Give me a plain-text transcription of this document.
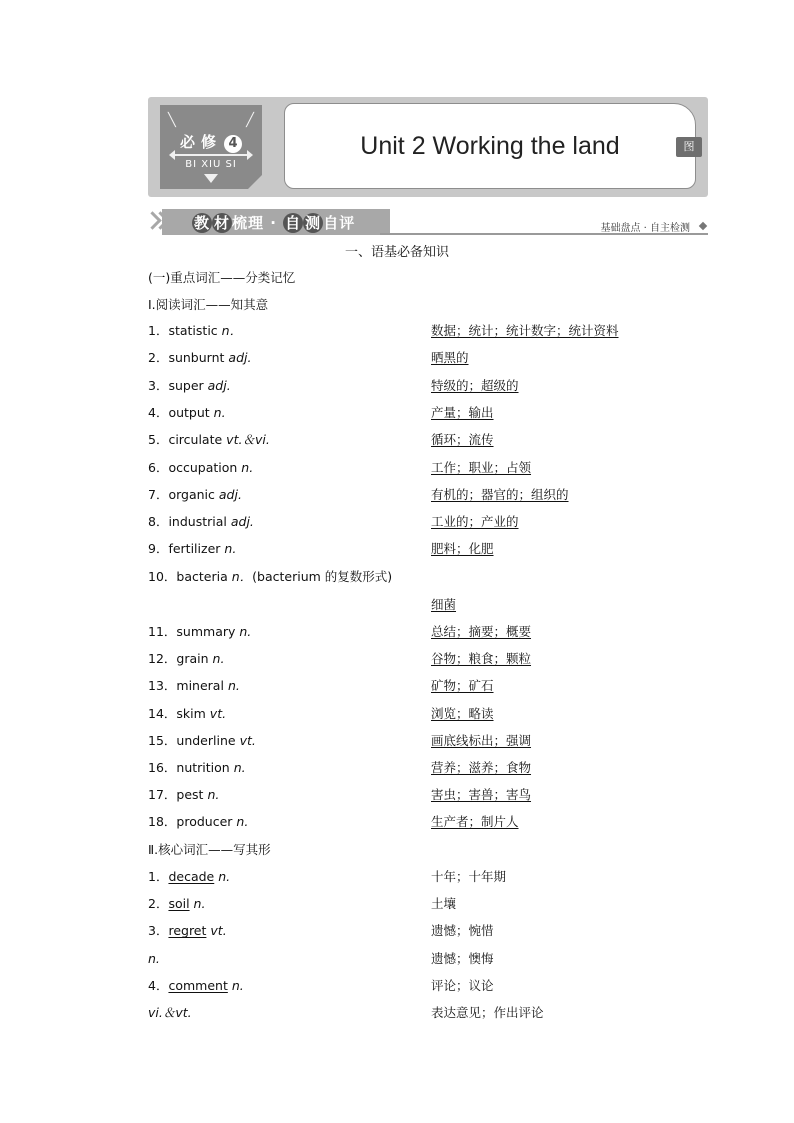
╲	╱
必修 4
BI XIU SI
Unit 2 Working the land	图
教 材 梳理 · 自 测 自评	基础盘点 · 自主检测
一、语基必备知识
(一)重点词汇——分类记忆
Ⅰ.阅读词汇——知其意
1．statistic n．	数据；统计；统计数字；统计资料
2．sunburnt adj.	晒黑的
3．super adj.	特级的；超级的
4．output n.	产量；输出
5．circulate vt.＆vi.	循环；流传
6．occupation n.	工作；职业；占领
7．organic adj.	有机的；器官的；组织的
8．industrial adj.	工业的；产业的
9．fertilizer n.	肥料；化肥
10．bacteria n．(bacterium 的复数形式)
细菌
11．summary n.	总结；摘要；概要
12．grain n.	谷物；粮食；颗粒
13．mineral n.	矿物；矿石
14．skim vt.	浏览；略读
15．underline vt.	画底线标出；强调
16．nutrition n.	营养；滋养；食物
17．pest n.	害虫；害兽；害鸟
18．producer n.	生产者；制片人
Ⅱ.核心词汇——写其形
1．decade n.	十年；十年期
2．soil n.	土壤
3．regret vt.	遗憾；惋惜
n.	遗憾；懊悔
4．comment n.	评论；议论
vi.＆vt.	表达意见；作出评论
